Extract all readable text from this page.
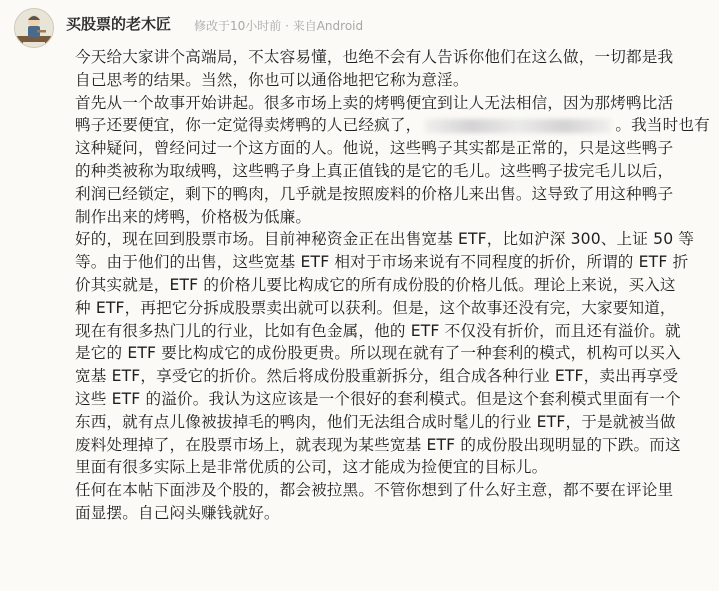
买股票的老木匠 修改于10小时前 · 来自Android

今天给大家讲个高端局，不太容易懂，也绝不会有人告诉你他们在这么做，一切都是我
自己思考的结果。当然，你也可以通俗地把它称为意淫。

首先从一个故事开始讲起。很多市场上卖的烤鸭便宜到让人无法相信，因为那烤鸭比活
鸭子还要便宜，你一定觉得卖烤鸭的人已经疯了，	。我当时也有
这种疑问，曾经问过一个这方面的人。他说，这些鸭子其实都是正常的，只是这些鸭子
的种类被称为取绒鸭，这些鸭子身上真正值钱的是它的毛儿。这些鸭子拔完毛儿以后，
利润已经锁定，剩下的鸭肉，几乎就是按照废料的价格儿来出售。这导致了用这种鸭子
制作出来的烤鸭，价格极为低廉。

好的，现在回到股票市场。目前神秘资金正在出售宽基 ETF，比如沪深 300、上证 50 等
等。由于他们的出售，这些宽基 ETF 相对于市场来说有不同程度的折价，所谓的 ETF 折
价其实就是，ETF 的价格儿要比构成它的所有成份股的价格儿低。理论上来说，买入这
种 ETF，再把它分拆成股票卖出就可以获利。但是，这个故事还没有完，大家要知道，
现在有很多热门儿的行业，比如有色金属，他的 ETF 不仅没有折价，而且还有溢价。就
是它的 ETF 要比构成它的成份股更贵。所以现在就有了一种套利的模式，机构可以买入
宽基 ETF，享受它的折价。然后将成份股重新拆分，组合成各种行业 ETF，卖出再享受
这些 ETF 的溢价。我认为这应该是一个很好的套利模式。但是这个套利模式里面有一个
东西，就有点儿像被拔掉毛的鸭肉，他们无法组合成时髦儿的行业 ETF，于是就被当做
废料处理掉了，在股票市场上，就表现为某些宽基 ETF 的成份股出现明显的下跌。而这
里面有很多实际上是非常优质的公司，这才能成为捡便宜的目标儿。

任何在本帖下面涉及个股的，都会被拉黑。不管你想到了什么好主意，都不要在评论里
面显摆。自己闷头赚钱就好。
